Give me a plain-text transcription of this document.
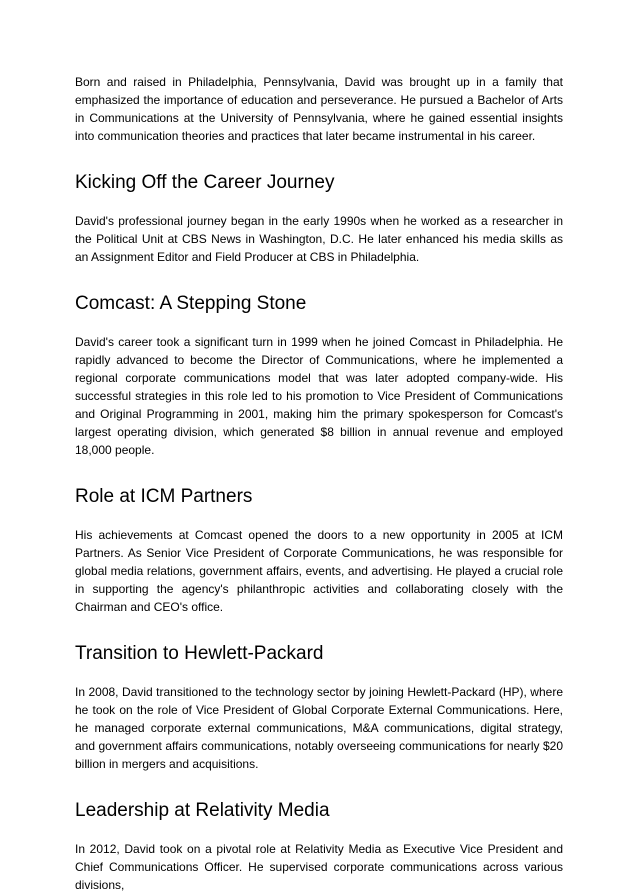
Born and raised in Philadelphia, Pennsylvania, David was brought up in a family that emphasized the importance of education and perseverance. He pursued a Bachelor of Arts in Communications at the University of Pennsylvania, where he gained essential insights into communication theories and practices that later became instrumental in his career.

Kicking Off the Career Journey

David's professional journey began in the early 1990s when he worked as a researcher in the Political Unit at CBS News in Washington, D.C. He later enhanced his media skills as an Assignment Editor and Field Producer at CBS in Philadelphia.

Comcast: A Stepping Stone

David's career took a significant turn in 1999 when he joined Comcast in Philadelphia. He rapidly advanced to become the Director of Communications, where he implemented a regional corporate communications model that was later adopted company-wide. His successful strategies in this role led to his promotion to Vice President of Communications and Original Programming in 2001, making him the primary spokesperson for Comcast's largest operating division, which generated $8 billion in annual revenue and employed 18,000 people.

Role at ICM Partners

His achievements at Comcast opened the doors to a new opportunity in 2005 at ICM Partners. As Senior Vice President of Corporate Communications, he was responsible for global media relations, government affairs, events, and advertising. He played a crucial role in supporting the agency's philanthropic activities and collaborating closely with the Chairman and CEO's office.

Transition to Hewlett-Packard

In 2008, David transitioned to the technology sector by joining Hewlett-Packard (HP), where he took on the role of Vice President of Global Corporate External Communications. Here, he managed corporate external communications, M&A communications, digital strategy, and government affairs communications, notably overseeing communications for nearly $20 billion in mergers and acquisitions.

Leadership at Relativity Media

In 2012, David took on a pivotal role at Relativity Media as Executive Vice President and Chief Communications Officer. He supervised corporate communications across various divisions,
